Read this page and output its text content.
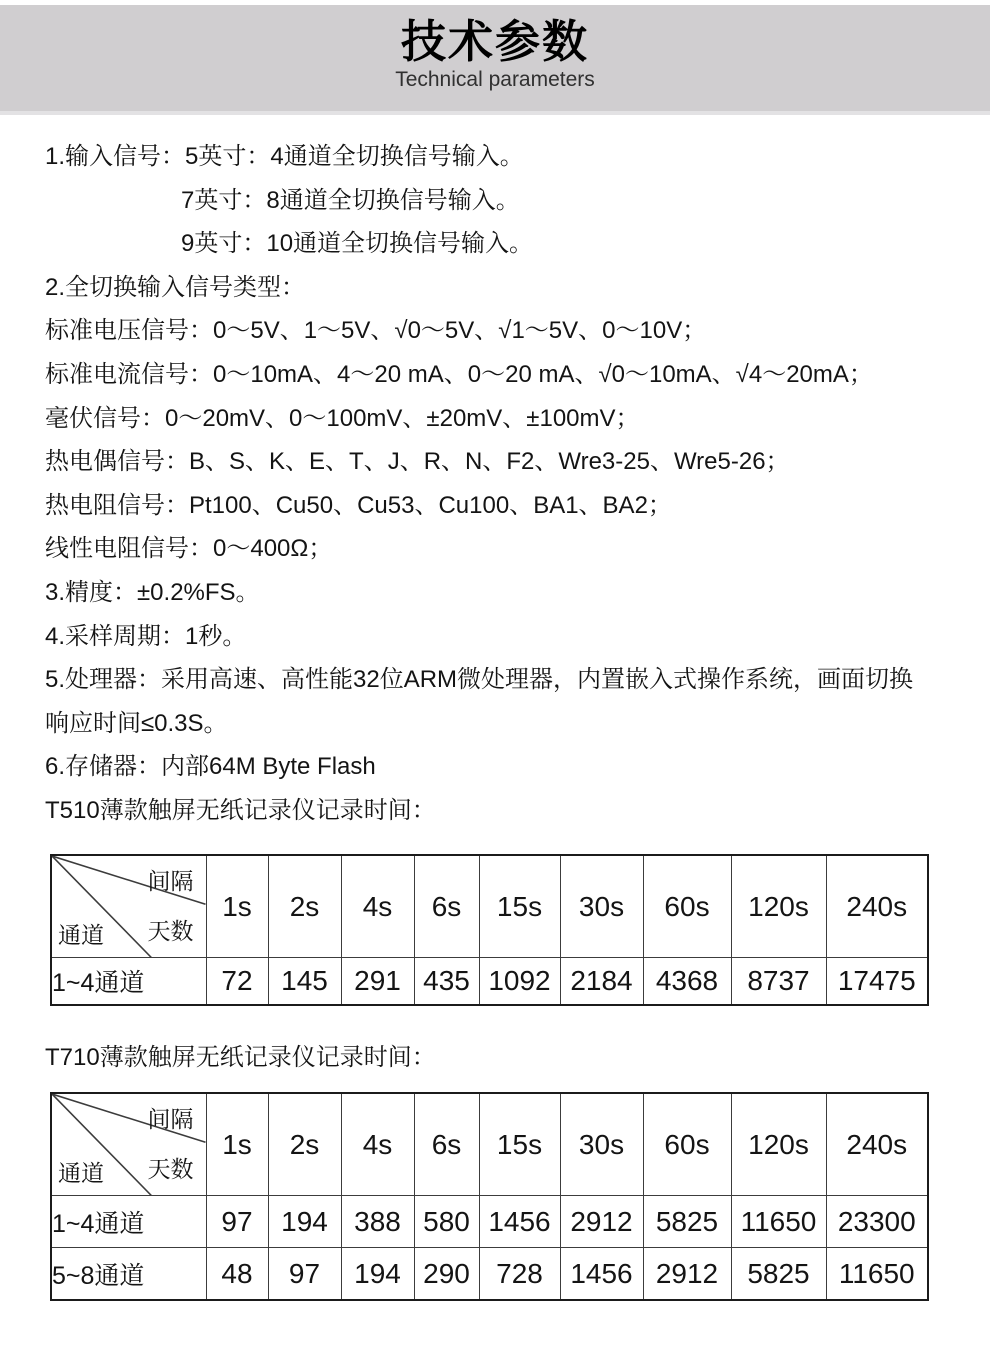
技术参数
Technical parameters
1.输入信号：5英寸：4通道全切换信号输入。
7英寸：8通道全切换信号输入。
9英寸：10通道全切换信号输入。
2.全切换输入信号类型：
标准电压信号：0～5V、1～5V、√0～5V、√1～5V、0～10V；
标准电流信号：0～10mA、4～20 mA、0～20 mA、√0～10mA、√4～20mA；
毫伏信号：0～20mV、0～100mV、±20mV、±100mV；
热电偶信号：B、S、K、E、T、J、R、N、F2、Wre3-25、Wre5-26；
热电阻信号：Pt100、Cu50、Cu53、Cu100、BA1、BA2；
线性电阻信号：0～400Ω；
3.精度：±0.2%FS。
4.采样周期：1秒。
5.处理器：采用高速、高性能32位ARM微处理器，内置嵌入式操作系统，画面切换
响应时间≤0.3S。
6.存储器：内部64M Byte Flash
T510薄款触屏无纸记录仪记录时间：
间隔
天数
通道	1s	2s	4s	6s	15s	30s	60s	120s	240s
1~4通道	72	145	291	435	1092	2184	4368	8737	17475
T710薄款触屏无纸记录仪记录时间：
间隔
天数
通道	1s	2s	4s	6s	15s	30s	60s	120s	240s
1~4通道	97	194	388	580	1456	2912	5825	11650	23300
5~8通道	48	97	194	290	728	1456	2912	5825	11650
